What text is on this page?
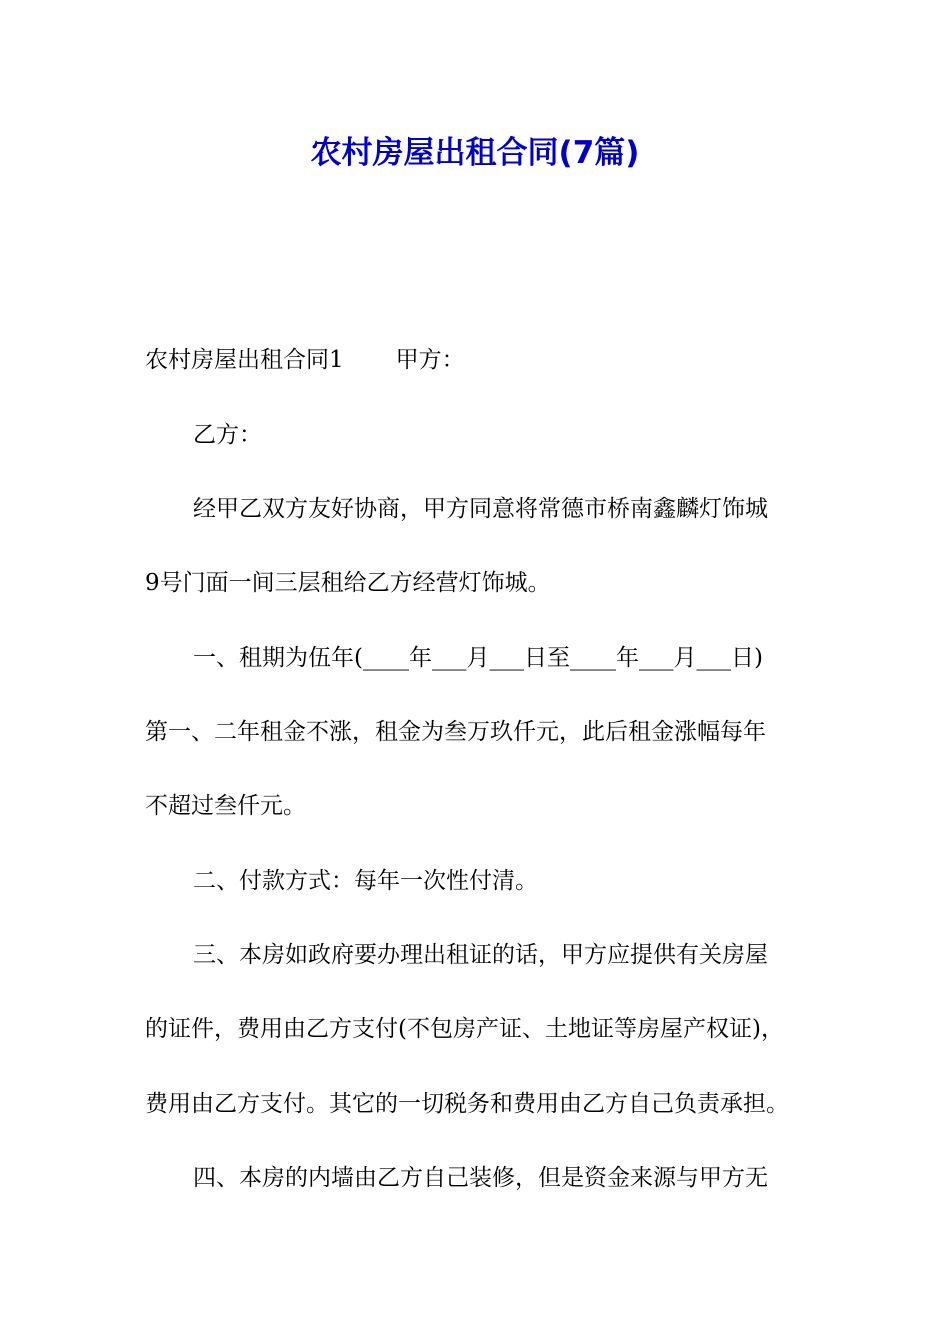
农村房屋出租合同(7篇)

农村房屋出租合同1 甲方：

乙方：

经甲乙双方友好协商，甲方同意将常德市桥南鑫麟灯饰城

9号门面一间三层租给乙方经营灯饰城。

一、租期为伍年(____年___月___日至____年___月___日)

第一、二年租金不涨，租金为叁万玖仟元，此后租金涨幅每年

不超过叁仟元。

二、付款方式：每年一次性付清。

三、本房如政府要办理出租证的话，甲方应提供有关房屋

的证件，费用由乙方支付(不包房产证、土地证等房屋产权证)，

费用由乙方支付。其它的一切税务和费用由乙方自己负责承担。

四、本房的内墙由乙方自己装修，但是资金来源与甲方无
